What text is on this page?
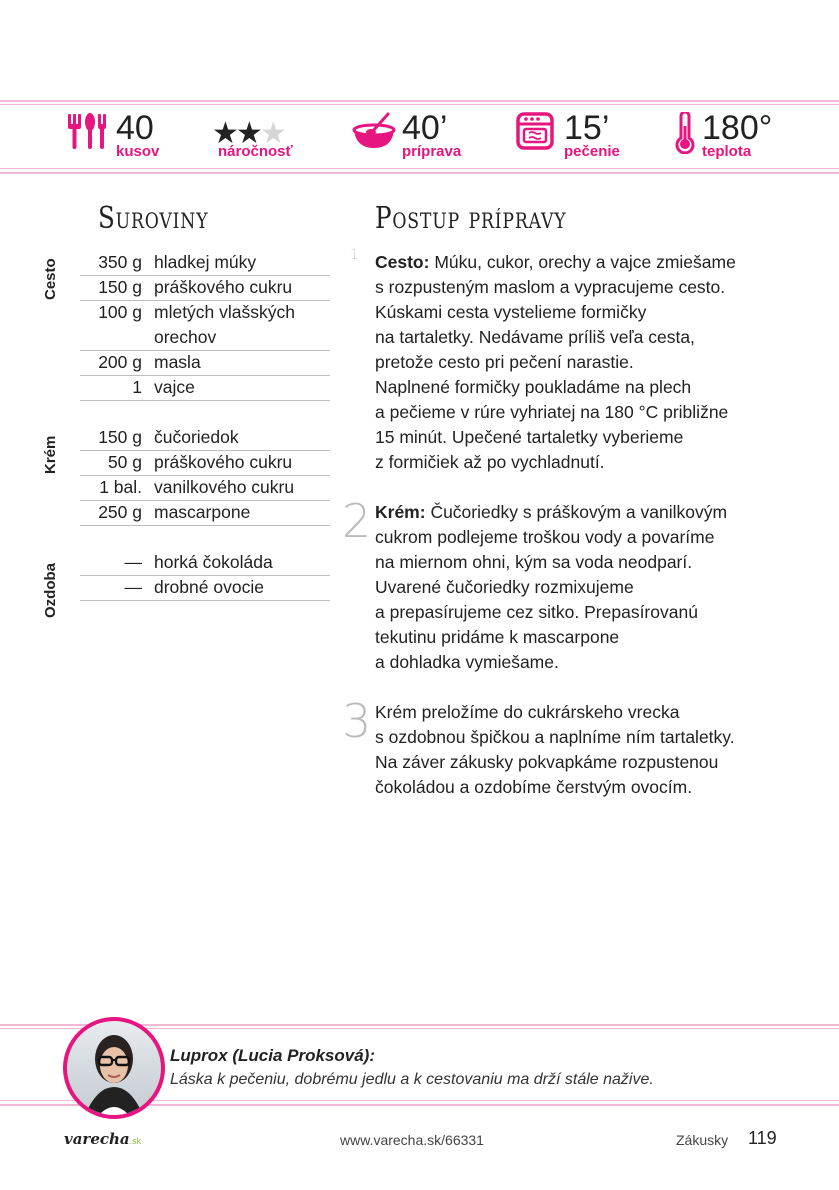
40
kusov
★★★
náročnosť
40’
príprava
15’
pečenie
180°
teplota
Suroviny	Postup prípravy
Cesto
Krém
Ozdoba
350 g hladkej múky
150 g práškového cukru
100 g mletých vlašských
orechov
200 g masla
1 vajce
150 g čučoriedok
50 g práškového cukru
1 bal. vanilkového cukru
250 g mascarpone
— horká čokoláda
— drobné ovocie
1
2
3
Cesto: Múku, cukor, orechy a vajce zmiešame
s rozpusteným maslom a vypracujeme cesto.
Kúskami cesta vystelieme formičky
na tartaletky. Nedávame príliš veľa cesta,
pretože cesto pri pečení narastie.
Naplnené formičky poukladáme na plech
a pečieme v rúre vyhriatej na 180 °C približne
15 minút. Upečené tartaletky vyberieme
z formičiek až po vychladnutí.
Krém: Čučoriedky s práškovým a vanilkovým
cukrom podlejeme troškou vody a povaríme
na miernom ohni, kým sa voda neodparí.
Uvarené čučoriedky rozmixujeme
a prepasírujeme cez sitko. Prepasírovanú
tekutinu pridáme k mascarpone
a dohladka vymiešame.
Krém preložíme do cukrárskeho vrecka
s ozdobnou špičkou a naplníme ním tartaletky.
Na záver zákusky pokvapkáme rozpustenou
čokoládou a ozdobíme čerstvým ovocím.
Luprox (Lucia Proksová):
Láska k pečeniu, dobrému jedlu a k cestovaniu ma drží stále nažive.
varecha.sk	www.varecha.sk/66331	Zákusky 119
